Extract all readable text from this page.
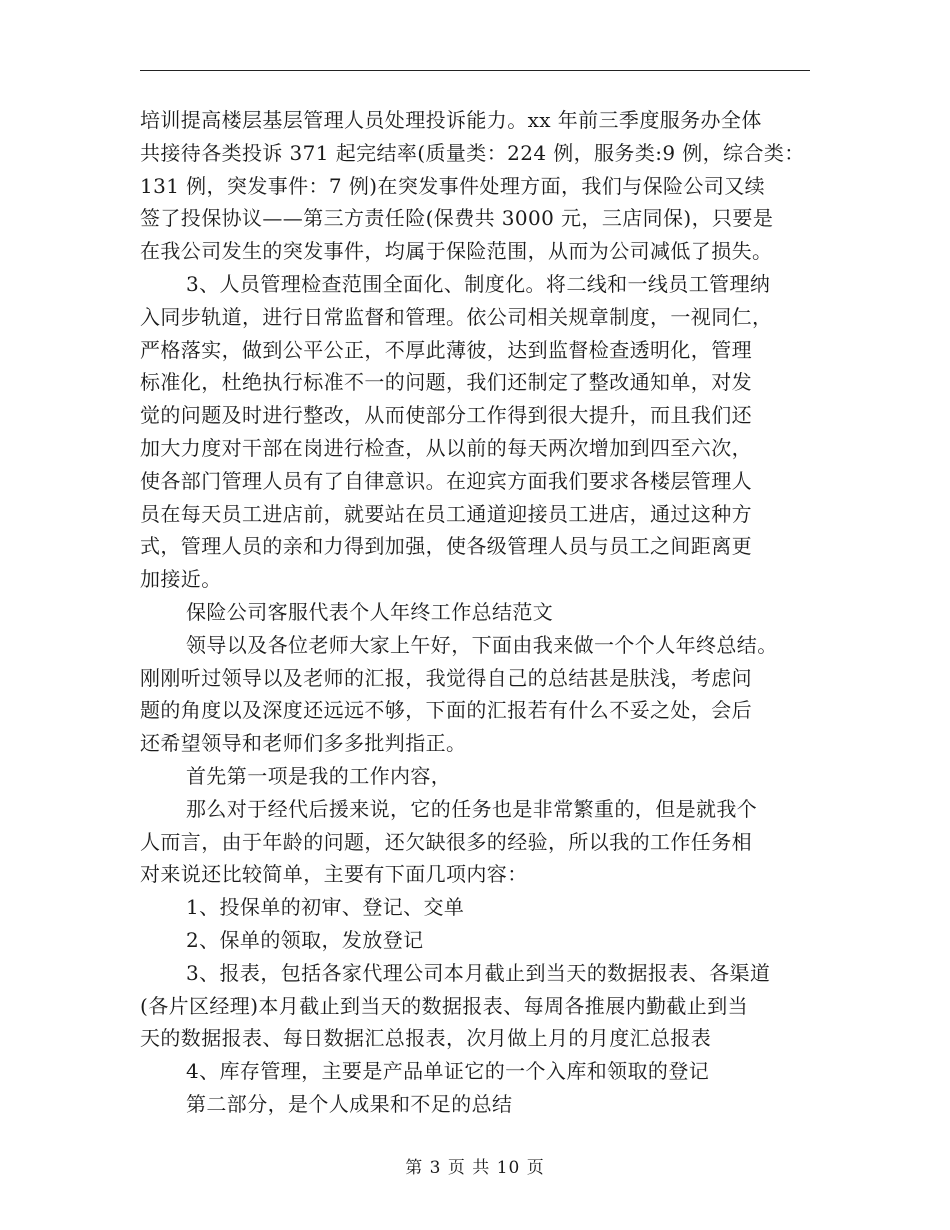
培训提高楼层基层管理人员处理投诉能力。xx 年前三季度服务办全体
共接待各类投诉 371 起完结率(质量类：224 例，服务类:9 例，综合类：
131 例，突发事件：7 例)在突发事件处理方面，我们与保险公司又续
签了投保协议——第三方责任险(保费共 3000 元，三店同保)，只要是
在我公司发生的突发事件，均属于保险范围，从而为公司减低了损失。
3、人员管理检查范围全面化、制度化。将二线和一线员工管理纳
入同步轨道，进行日常监督和管理。依公司相关规章制度，一视同仁，
严格落实，做到公平公正，不厚此薄彼，达到监督检查透明化，管理
标准化，杜绝执行标准不一的问题，我们还制定了整改通知单，对发
觉的问题及时进行整改，从而使部分工作得到很大提升，而且我们还
加大力度对干部在岗进行检查，从以前的每天两次增加到四至六次，
使各部门管理人员有了自律意识。在迎宾方面我们要求各楼层管理人
员在每天员工进店前，就要站在员工通道迎接员工进店，通过这种方
式，管理人员的亲和力得到加强，使各级管理人员与员工之间距离更
加接近。
保险公司客服代表个人年终工作总结范文
领导以及各位老师大家上午好，下面由我来做一个个人年终总结。
刚刚听过领导以及老师的汇报，我觉得自己的总结甚是肤浅，考虑问
题的角度以及深度还远远不够，下面的汇报若有什么不妥之处，会后
还希望领导和老师们多多批判指正。
首先第一项是我的工作内容，
那么对于经代后援来说，它的任务也是非常繁重的，但是就我个
人而言，由于年龄的问题，还欠缺很多的经验，所以我的工作任务相
对来说还比较简单，主要有下面几项内容：
1、投保单的初审、登记、交单
2、保单的领取，发放登记
3、报表，包括各家代理公司本月截止到当天的数据报表、各渠道
(各片区经理)本月截止到当天的数据报表、每周各推展内勤截止到当
天的数据报表、每日数据汇总报表，次月做上月的月度汇总报表
4、库存管理，主要是产品单证它的一个入库和领取的登记
第二部分，是个人成果和不足的总结
第 3 页 共 10 页
